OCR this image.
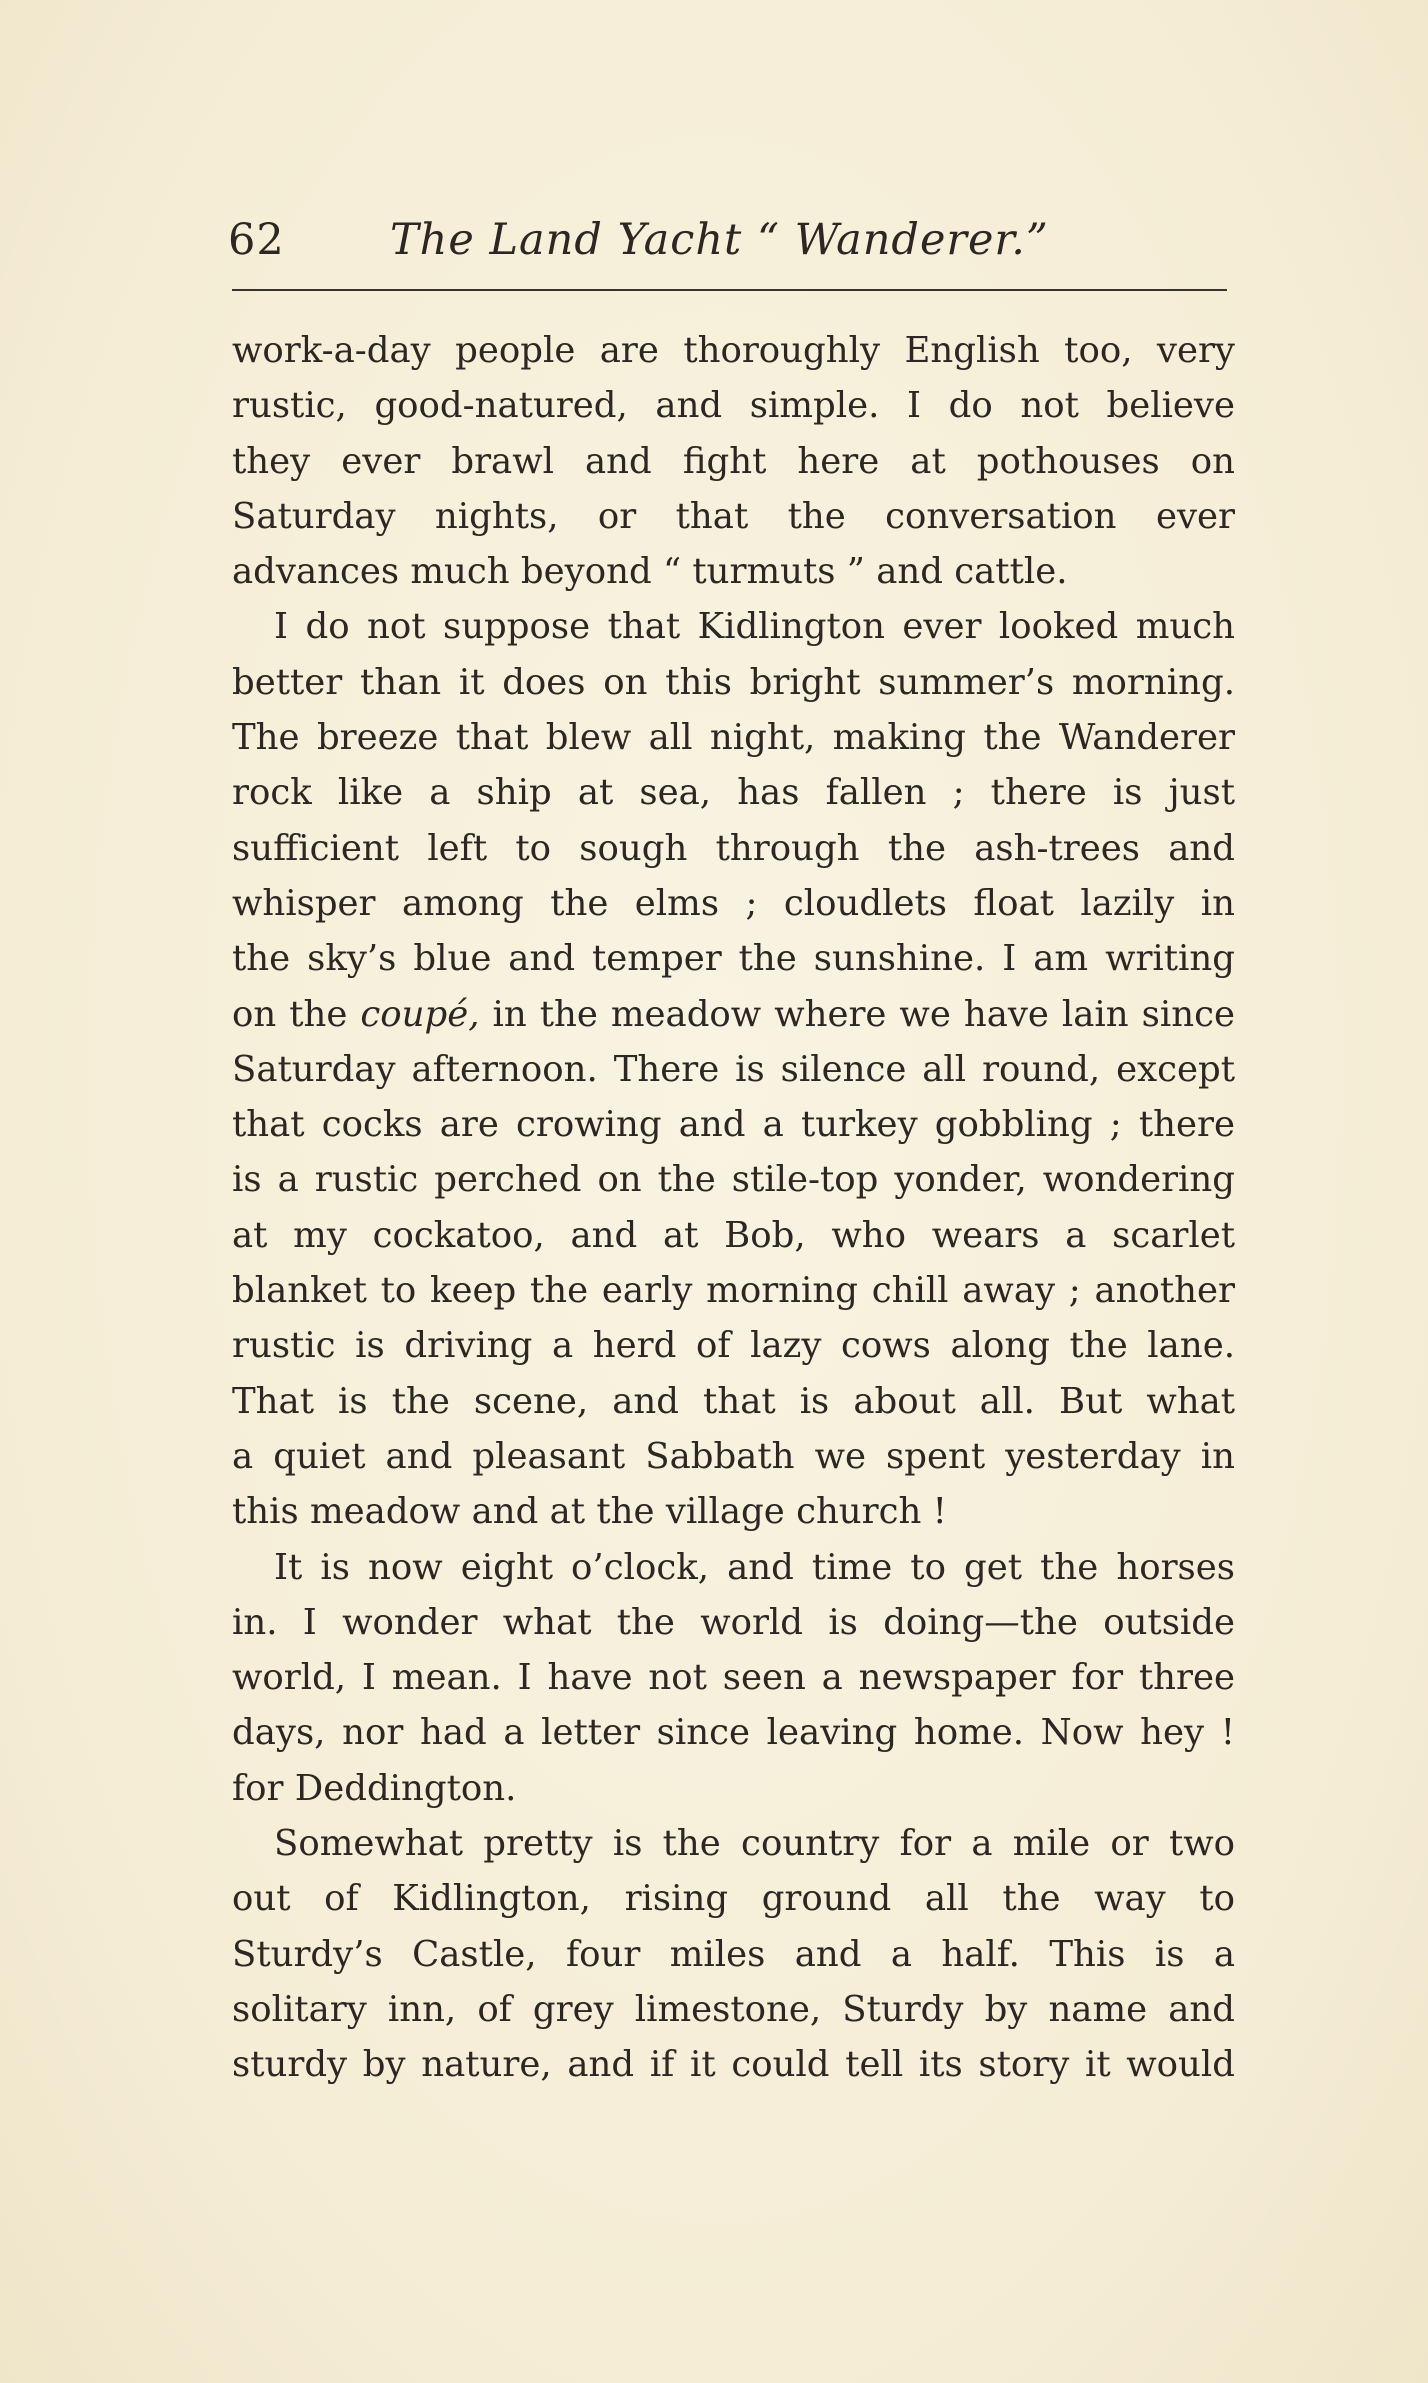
62 The Land Yacht “ Wanderer.”
work-a-day people are thoroughly English too, very
rustic, good-natured, and simple. I do not believe
they ever brawl and fight here at pothouses on
Saturday nights, or that the conversation ever
advances much beyond “ turmuts ” and cattle.
I do not suppose that Kidlington ever looked much
better than it does on this bright summer’s morning.
The breeze that blew all night, making the Wanderer
rock like a ship at sea, has fallen ; there is just
sufficient left to sough through the ash-trees and
whisper among the elms ; cloudlets float lazily in
the sky’s blue and temper the sunshine. I am writing
on the coupé, in the meadow where we have lain since
Saturday afternoon. There is silence all round, except
that cocks are crowing and a turkey gobbling ; there
is a rustic perched on the stile-top yonder, wondering
at my cockatoo, and at Bob, who wears a scarlet
blanket to keep the early morning chill away ; another
rustic is driving a herd of lazy cows along the lane.
That is the scene, and that is about all. But what
a quiet and pleasant Sabbath we spent yesterday in
this meadow and at the village church !
It is now eight o’clock, and time to get the horses
in. I wonder what the world is doing—the outside
world, I mean. I have not seen a newspaper for three
days, nor had a letter since leaving home. Now hey !
for Deddington.
Somewhat pretty is the country for a mile or two
out of Kidlington, rising ground all the way to
Sturdy’s Castle, four miles and a half. This is a
solitary inn, of grey limestone, Sturdy by name and
sturdy by nature, and if it could tell its story it would
